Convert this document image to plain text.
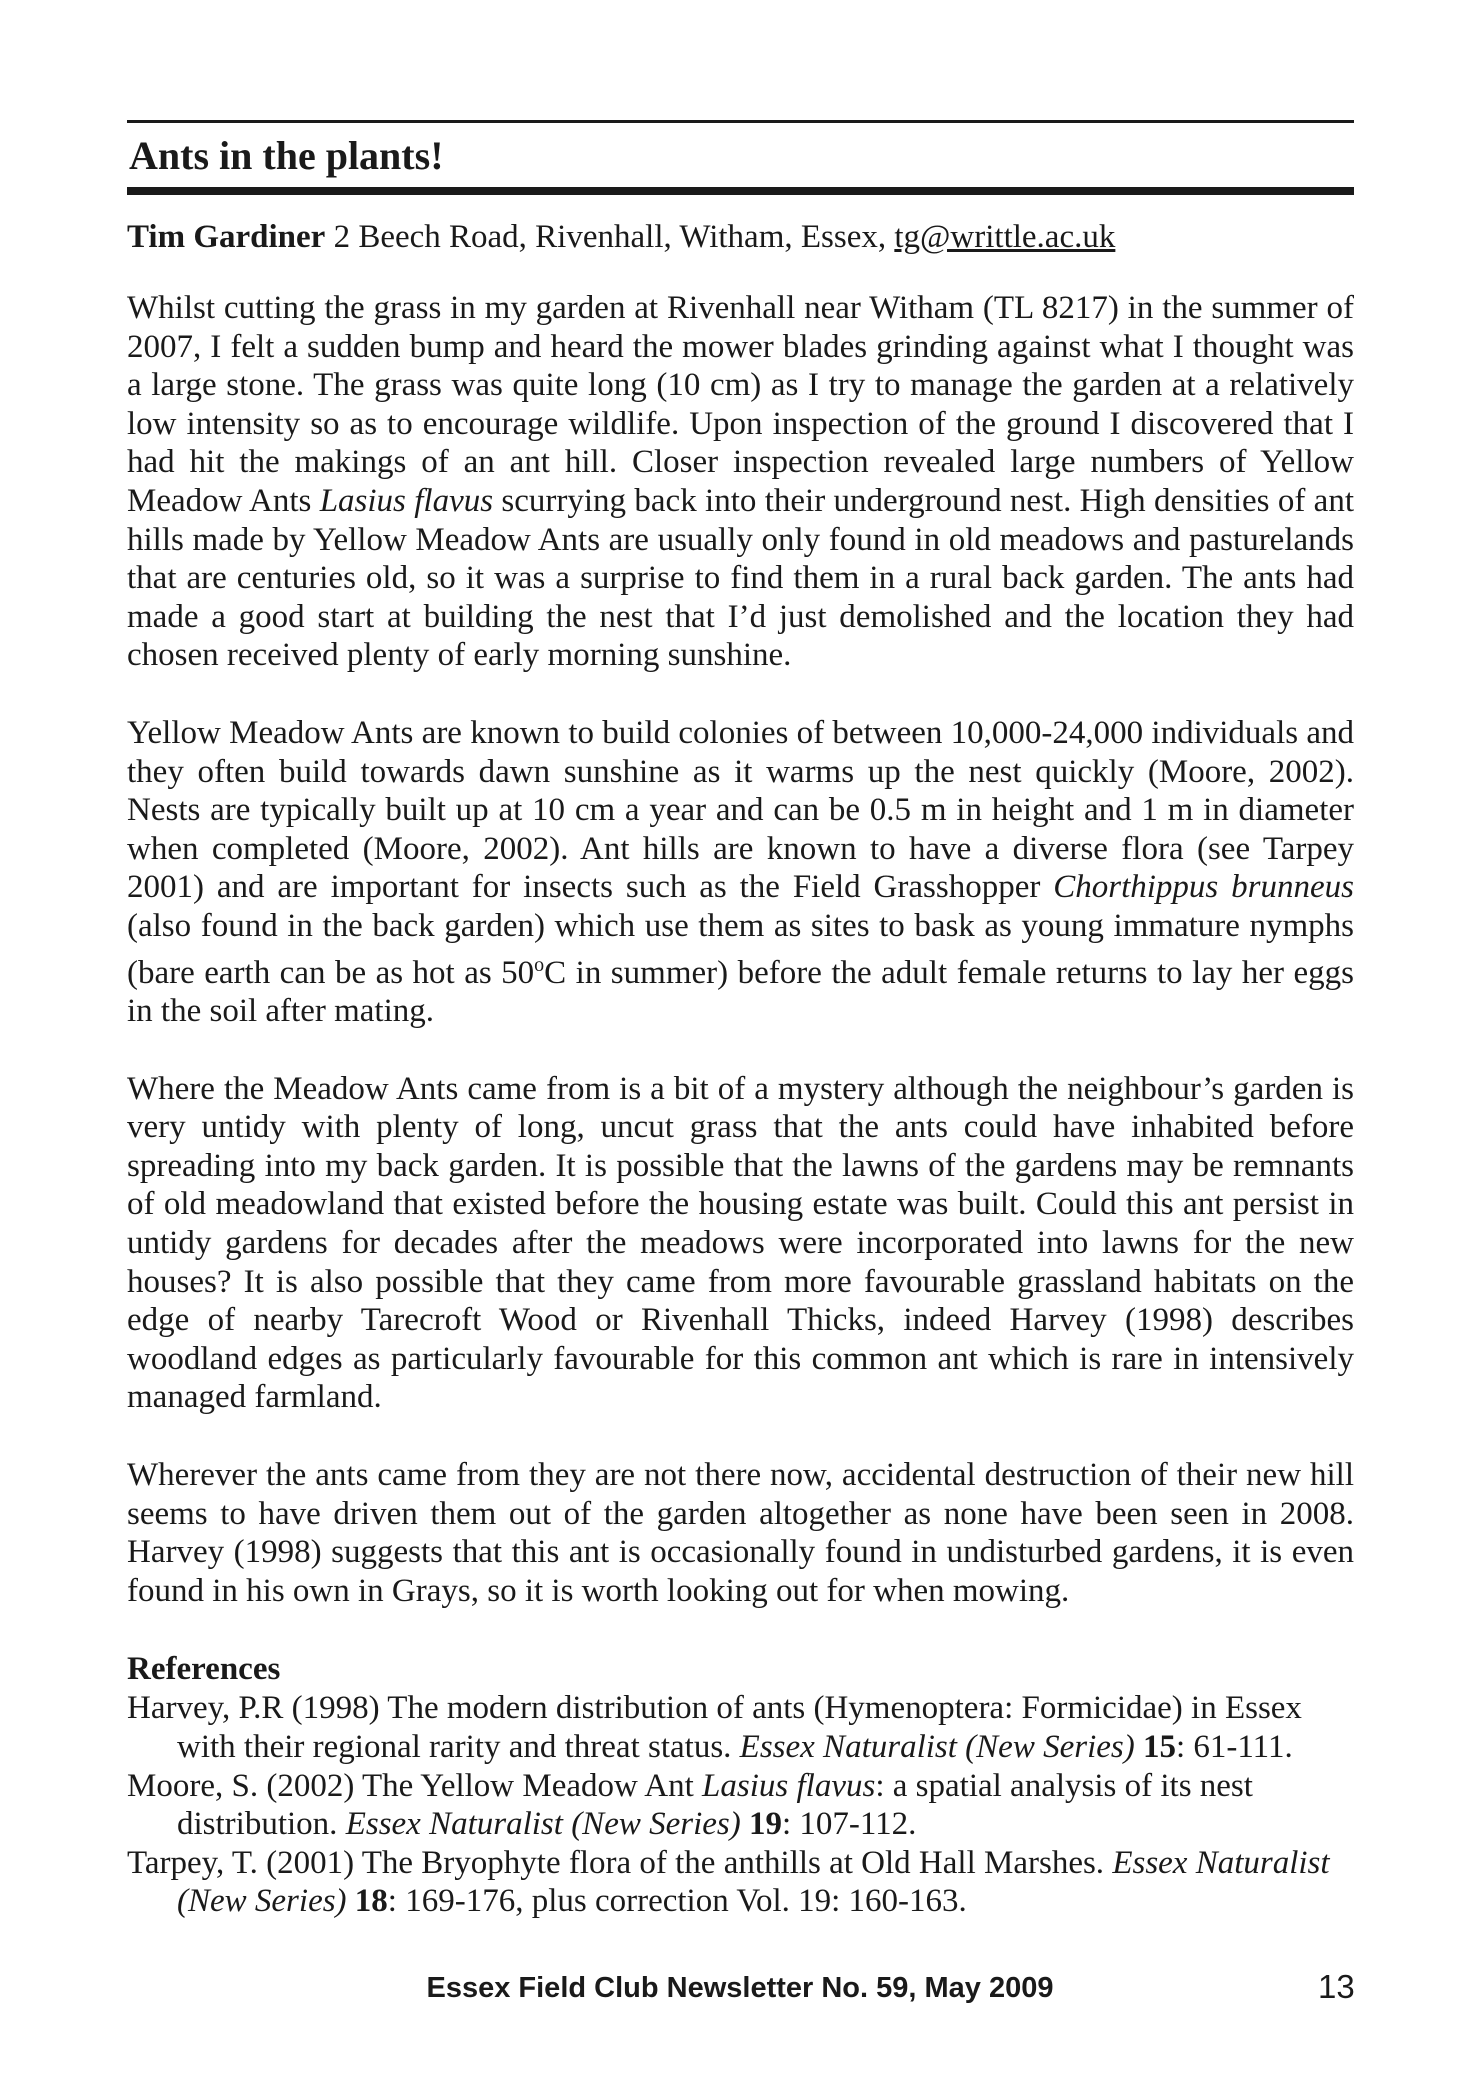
Ants in the plants!
Tim Gardiner 2 Beech Road, Rivenhall, Witham, Essex, tg@writtle.ac.uk

Whilst cutting the grass in my garden at Rivenhall near Witham (TL 8217) in the summer of 2007, I felt a sudden bump and heard the mower blades grinding against what I thought was a large stone. The grass was quite long (10 cm) as I try to manage the garden at a relatively low intensity so as to encourage wildlife. Upon inspection of the ground I discovered that I had hit the makings of an ant hill. Closer inspection revealed large numbers of Yellow Meadow Ants Lasius flavus scurrying back into their underground nest. High densities of ant hills made by Yellow Meadow Ants are usually only found in old meadows and pasturelands that are centuries old, so it was a surprise to find them in a rural back garden. The ants had made a good start at building the nest that I’d just demolished and the location they had chosen received plenty of early morning sunshine.

Yellow Meadow Ants are known to build colonies of between 10,000-24,000 individuals and they often build towards dawn sunshine as it warms up the nest quickly (Moore, 2002). Nests are typically built up at 10 cm a year and can be 0.5 m in height and 1 m in diameter when completed (Moore, 2002). Ant hills are known to have a diverse flora (see Tarpey 2001) and are important for insects such as the Field Grasshopper Chorthippus brunneus (also found in the back garden) which use them as sites to bask as young immature nymphs (bare earth can be as hot as 50$^o$C in summer) before the adult female returns to lay her eggs in the soil after mating.

Where the Meadow Ants came from is a bit of a mystery although the neighbour’s garden is very untidy with plenty of long, uncut grass that the ants could have inhabited before spreading into my back garden. It is possible that the lawns of the gardens may be remnants of old meadowland that existed before the housing estate was built. Could this ant persist in untidy gardens for decades after the meadows were incorporated into lawns for the new houses? It is also possible that they came from more favourable grassland habitats on the edge of nearby Tarecroft Wood or Rivenhall Thicks, indeed Harvey (1998) describes woodland edges as particularly favourable for this common ant which is rare in intensively managed farmland.

Wherever the ants came from they are not there now, accidental destruction of their new hill seems to have driven them out of the garden altogether as none have been seen in 2008. Harvey (1998) suggests that this ant is occasionally found in undisturbed gardens, it is even found in his own in Grays, so it is worth looking out for when mowing.

References

Harvey, P.R (1998) The modern distribution of ants (Hymenoptera: Formicidae) in Essex with their regional rarity and threat status. Essex Naturalist (New Series) 15: 61-111.

Moore, S. (2002) The Yellow Meadow Ant Lasius flavus: a spatial analysis of its nest distribution. Essex Naturalist (New Series) 19: 107-112.

Tarpey, T. (2001) The Bryophyte flora of the anthills at Old Hall Marshes. Essex Naturalist (New Series) 18: 169-176, plus correction Vol. 19: 160-163.

Essex Field Club Newsletter No. 59, May 2009	13
